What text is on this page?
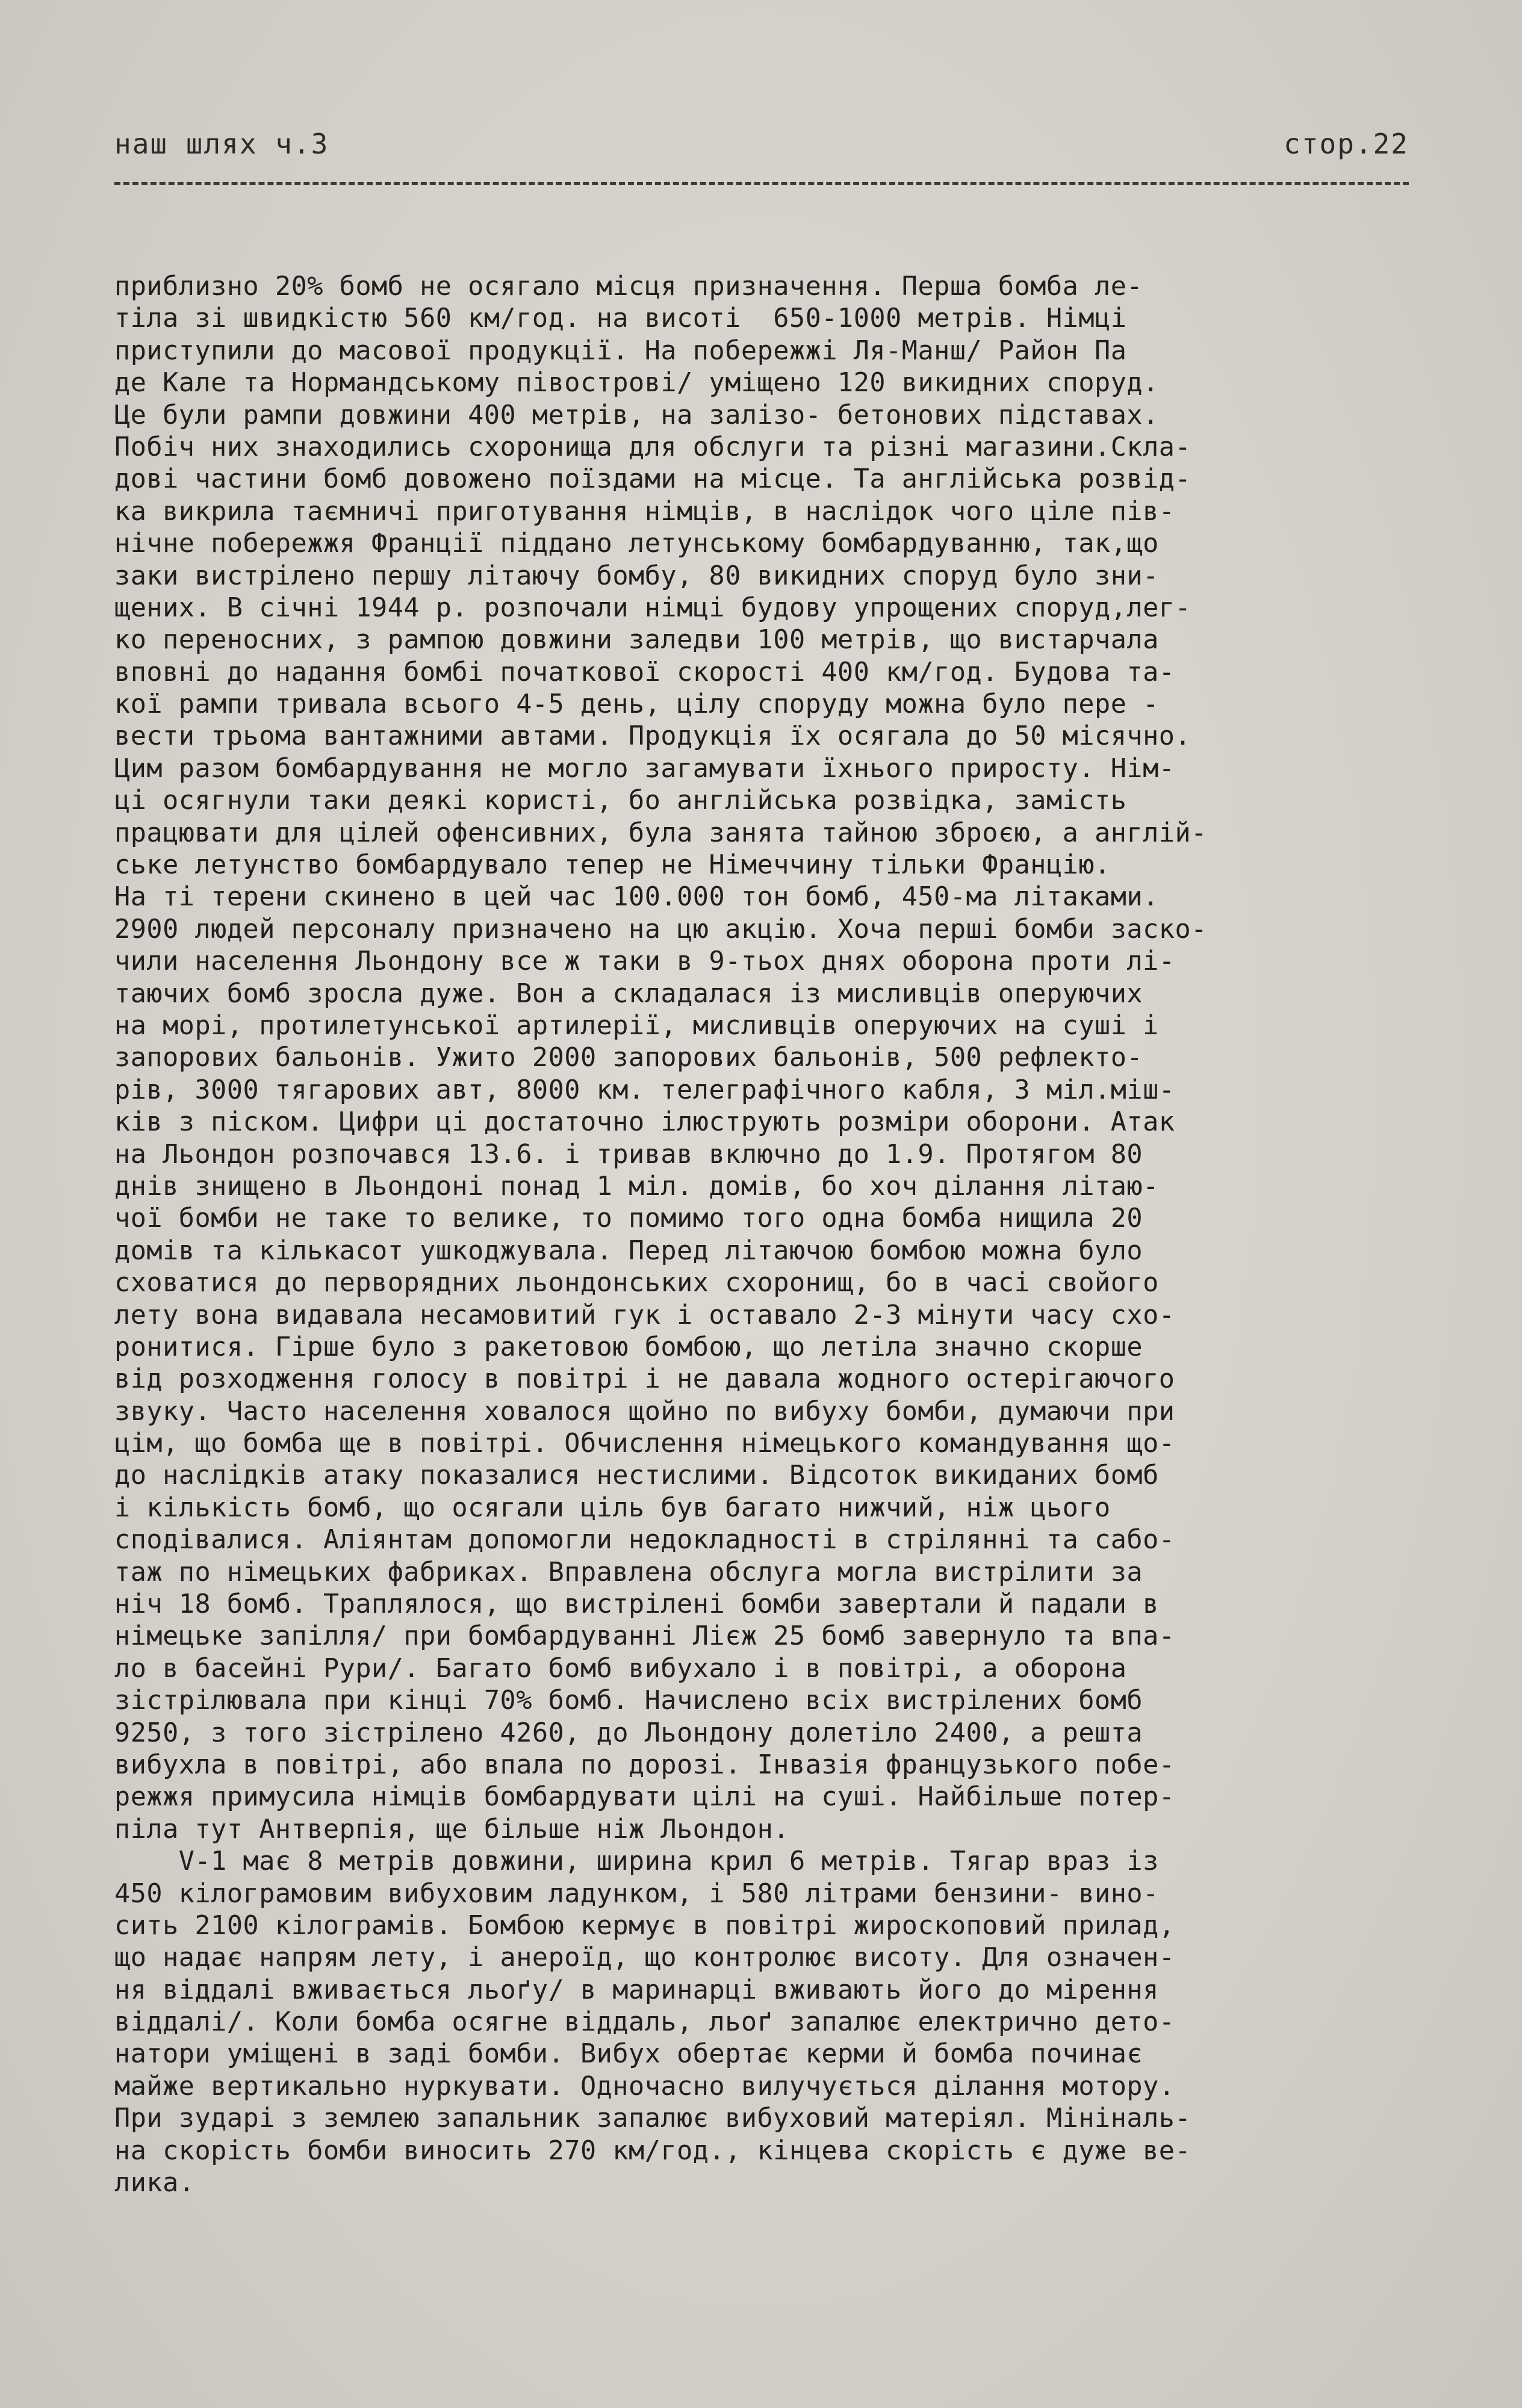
наш шлях ч.3	стор.22
приблизно 20% бомб не осягало місця призначення. Перша бомба ле-
тіла зі швидкістю 560 км/год. на висоті  650-1000 метрів. Німці
приступили до масової продукції. На побережжі Ля-Манш/ Район Па
де Кале та Нормандському півострові/ уміщено 120 викидних споруд.
Це були рампи довжини 400 метрів, на залізо- бетонових підставах.
Побіч них знаходились схоронища для обслуги та різні магазини.Скла-
дові частини бомб довожено поїздами на місце. Та англійська розвід-
ка викрила таємничі приготування німців, в наслідок чого ціле пів-
нічне побережжя Франції піддано летунському бомбардуванню, так,що
заки вистрілено першу літаючу бомбу, 80 викидних споруд було зни-
щених. В січні 1944 р. розпочали німці будову упрощених споруд,лег-
ко переносних, з рампою довжини заледви 100 метрів, що вистарчала
вповні до надання бомбі початкової скорості 400 км/год. Будова та-
кої рампи тривала всього 4-5 день, цілу споруду можна було пере -
вести трьома вантажними автами. Продукція їх осягала до 50 місячно.
Цим разом бомбардування не могло загамувати їхнього приросту. Нім-
ці осягнули таки деякі користі, бо англійська розвідка, замість
працювати для цілей офенсивних, була занята тайною зброєю, а англій-
ське летунство бомбардувало тепер не Німеччину тільки Францію.
На ті терени скинено в цей час 100.000 тон бомб, 450-ма літаками.
2900 людей персоналу призначено на цю акцію. Хоча перші бомби заско-
чили населення Льондону все ж таки в 9-тьох днях оборона проти лі-
таючих бомб зросла дуже. Вон а складалася із мисливців оперуючих
на морі, протилетунської артилерії, мисливців оперуючих на суші і
запорових бальонів. Ужито 2000 запорових бальонів, 500 рефлекто-
рів, 3000 тягарових авт, 8000 км. телеграфічного кабля, 3 міл.міш-
ків з піском. Цифри ці достаточно ілюструють розміри оборони. Атак
на Льондон розпочався 13.6. і тривав включно до 1.9. Протягом 80
днів знищено в Льондоні понад 1 міл. домів, бо хоч ділання літаю-
чої бомби не таке то велике, то помимо того одна бомба нищила 20
домів та кількасот ушкоджувала. Перед літаючою бомбою можна було
сховатися до перворядних льондонських схоронищ, бо в часі свойого
лету вона видавала несамовитий гук і оставало 2-3 мінути часу схо-
ронитися. Гірше було з ракетовою бомбою, що летіла значно скорше
від розходження голосу в повітрі і не давала жодного остерігаючого
звуку. Часто населення ховалося щойно по вибуху бомби, думаючи при
цім, що бомба ще в повітрі. Обчислення німецького командування що-
до наслідків атаку показалися нестислими. Відсоток викиданих бомб
і кількість бомб, що осягали ціль був багато нижчий, ніж цього
сподівалися. Аліянтам допомогли недокладності в стрілянні та сабо-
таж по німецьких фабриках. Вправлена обслуга могла вистрілити за
ніч 18 бомб. Траплялося, що вистрілені бомби завертали й падали в
німецьке запілля/ при бомбардуванні Лієж 25 бомб завернуло та впа-
ло в басейні Рури/. Багато бомб вибухало і в повітрі, а оборона
зістрілювала при кінці 70% бомб. Начислено всіх вистрілених бомб
9250, з того зістрілено 4260, до Льондону долетіло 2400, а решта
вибухла в повітрі, або впала по дорозі. Інвазія французького побе-
режжя примусила німців бомбардувати цілі на суші. Найбільше потер-
піла тут Антверпія, ще більше ніж Льондон.
V-1 має 8 метрів довжини, ширина крил 6 метрів. Тягар враз із
450 кілограмовим вибуховим ладунком, і 580 літрами бензини- вино-
сить 2100 кілограмів. Бомбою кермує в повітрі жироскоповий прилад,
що надає напрям лету, і анероїд, що контролює висоту. Для означен-
ня віддалі вживається льоґу/ в маринарці вживають його до мірення
віддалі/. Коли бомба осягне віддаль, льоґ запалює електрично дето-
натори уміщені в заді бомби. Вибух обертає керми й бомба починає
майже вертикально нуркувати. Одночасно вилучується ділання мотору.
При зударі з землею запальник запалює вибуховий матеріял. Мініналь-
на скорість бомби виносить 270 км/год., кінцева скорість є дуже ве-
лика.
